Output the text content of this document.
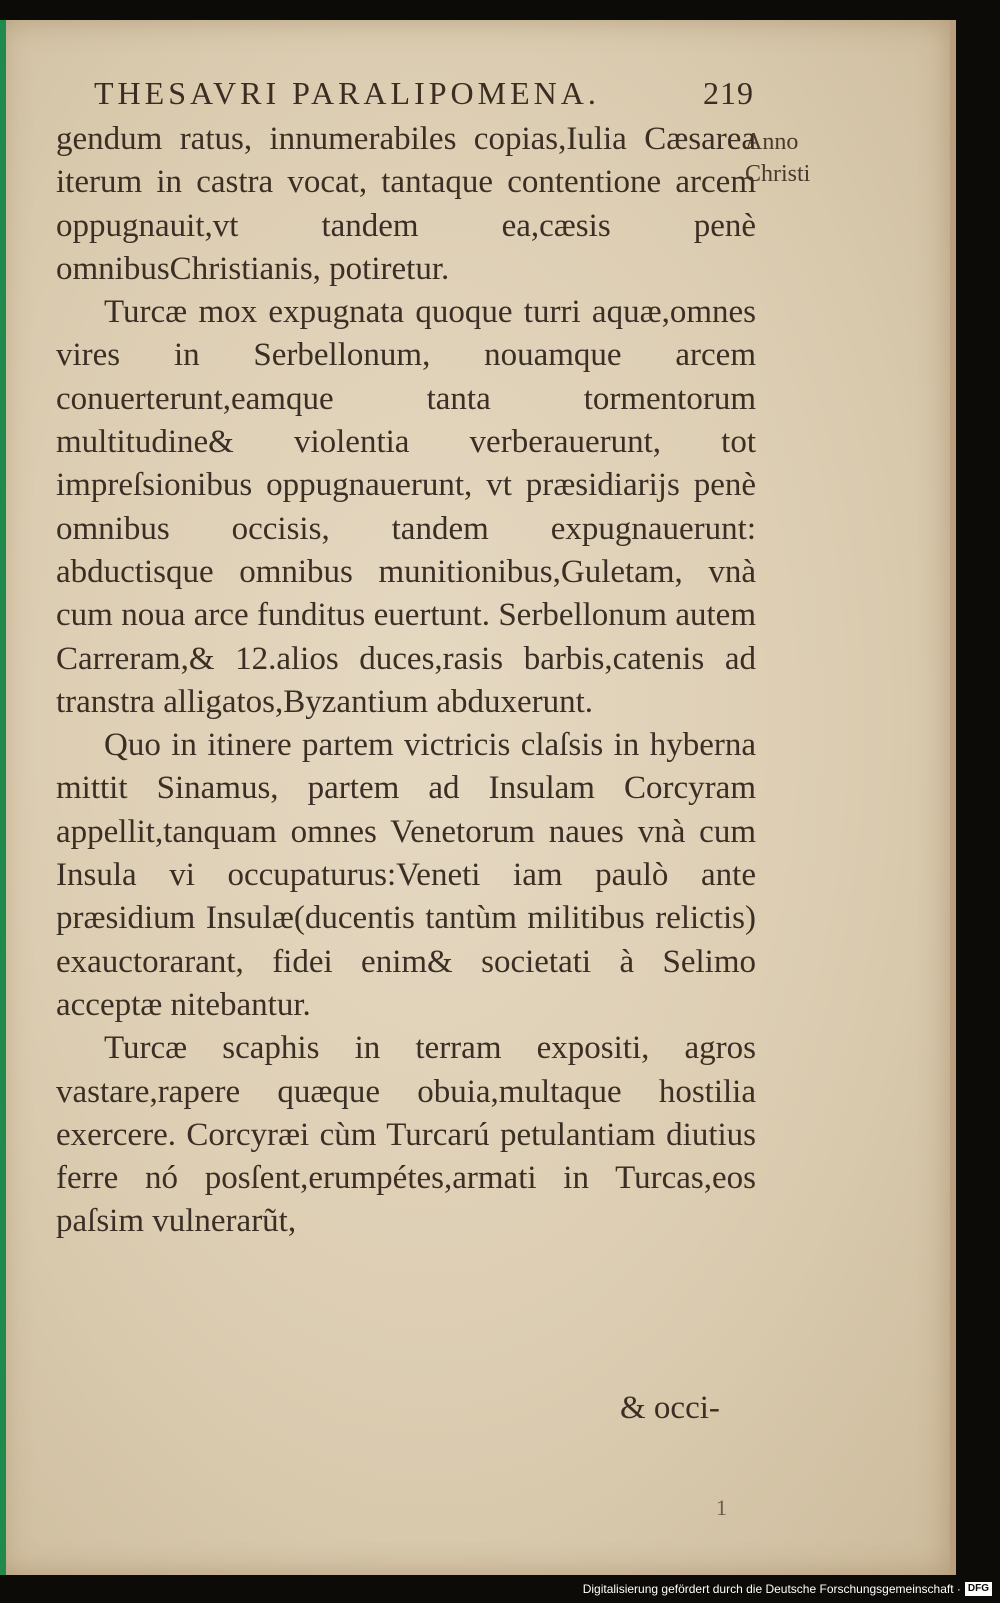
THESAVRI PARALIPOMENA.	219
Anno
Christi

gendum ratus, innumerabiles copias,Iulia Cæsarea iterum in castra vocat, tantaque contentione arcem oppugnauit,vt tandem ea,cæsis penè omnibusChristianis, potiretur.

Turcæ mox expugnata quoque turri aquæ,omnes vires in Serbellonum, nouamque arcem conuerterunt,eamque tanta tormentorum multitudine& violentia verberauerunt, tot impreſsionibus oppugnauerunt, vt præsidiarijs penè omnibus occisis, tandem expugnauerunt: abductisque omnibus munitionibus,Guletam, vnà cum noua arce funditus euertunt. Serbellonum autem Carreram,& 12.alios duces,rasis barbis,catenis ad transtra alligatos,Byzantium abduxerunt.

Quo in itinere partem victricis claſsis in hyberna mittit Sinamus, partem ad Insulam Corcyram appellit,tanquam omnes Venetorum naues vnà cum Insula vi occupaturus:Veneti iam paulò ante præsidium Insulæ(ducentis tantùm militibus relictis) exauctorarant, fidei enim& societati à Selimo acceptæ nitebantur.

Turcæ scaphis in terram expositi, agros vastare,rapere quæque obuia,multaque hostilia exercere. Corcyræi cùm Turcarú petulantiam diutius ferre nó posſent,erumpétes,armati in Turcas,eos paſsim vulnerarũt,

& occi-
1
Digitalisierung gefördert durch die Deutsche Forschungsgemeinschaft · DFG
